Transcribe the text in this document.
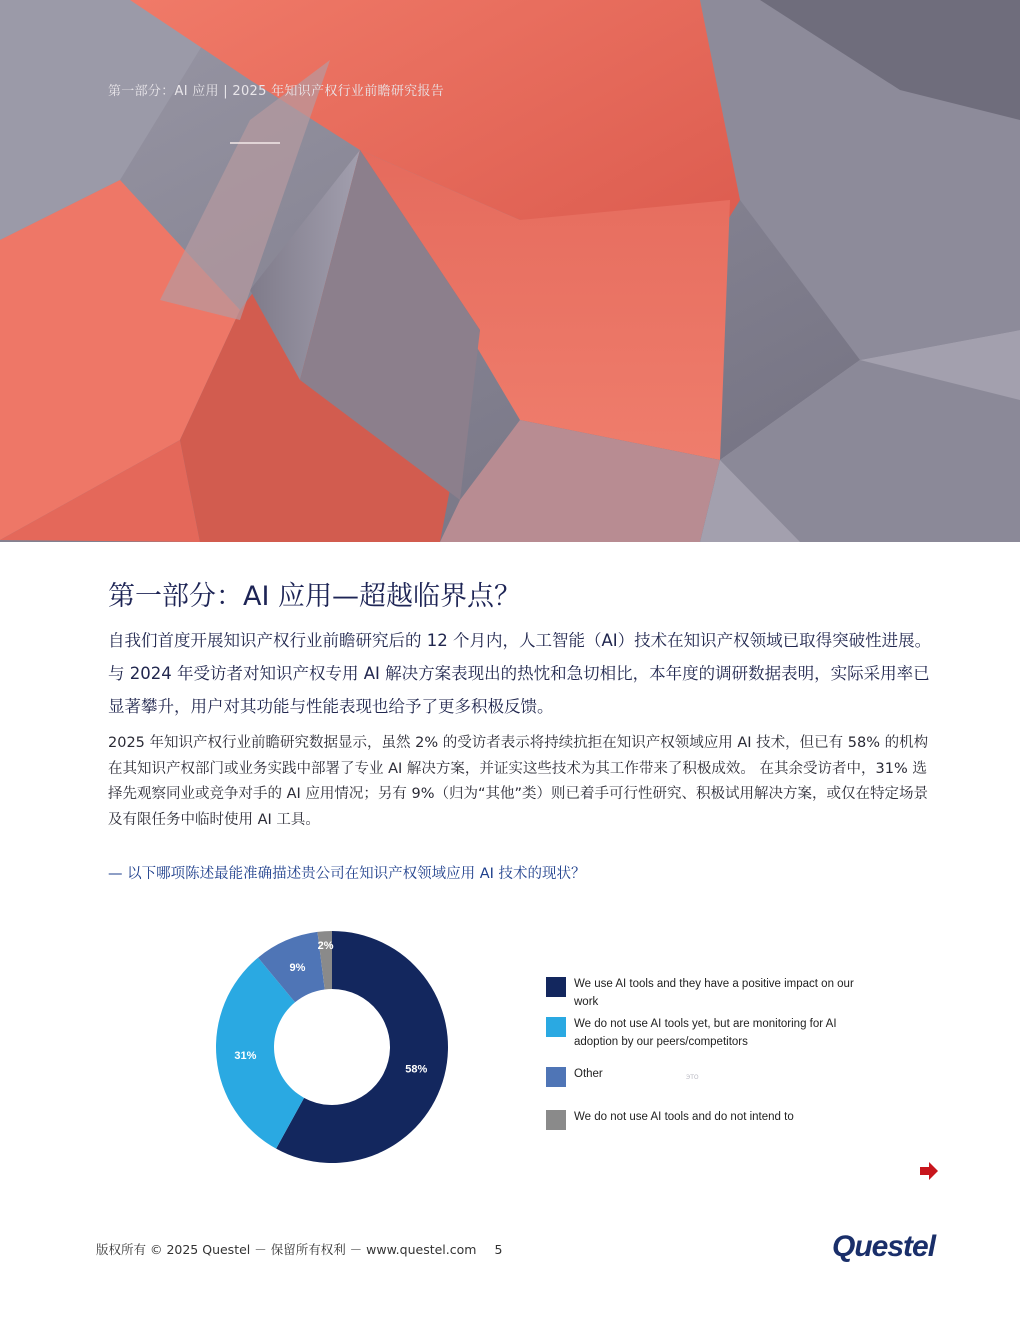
第一部分：AI 应用 | 2025 年知识产权行业前瞻研究报告
第一部分：AI 应用—超越临界点？

自我们首度开展知识产权行业前瞻研究后的 12 个月内，人工智能（AI）技术在知识产权领域已取得突破性进展。与 2024 年受访者对知识产权专用 AI 解决方案表现出的热忱和急切相比，本年度的调研数据表明，实际采用率已显著攀升，用户对其功能与性能表现也给予了更多积极反馈。

2025 年知识产权行业前瞻研究数据显示，虽然 2% 的受访者表示将持续抗拒在知识产权领域应用 AI 技术，但已有 58% 的机构在其知识产权部门或业务实践中部署了专业 AI 解决方案，并证实这些技术为其工作带来了积极成效。 在其余受访者中，31% 选择先观察同业或竞争对手的 AI 应用情况；另有 9%（归为“其他”类）则已着手可行性研究、积极试用解决方案，或仅在特定场景及有限任务中临时使用 AI 工具。

— 以下哪项陈述最能准确描述贵公司在知识产权领域应用 AI 技术的现状？

58%
31%
9%
2%
We use AI tools and they have a positive impact on our work
We do not use AI tools yet, but are monitoring for AI adoption by our peers/competitors
Other
We do not use AI tools and do not intend to
ЭТО
版权所有 © 2025 Questel － 保留所有权利 － www.questel.com 5	Questel
